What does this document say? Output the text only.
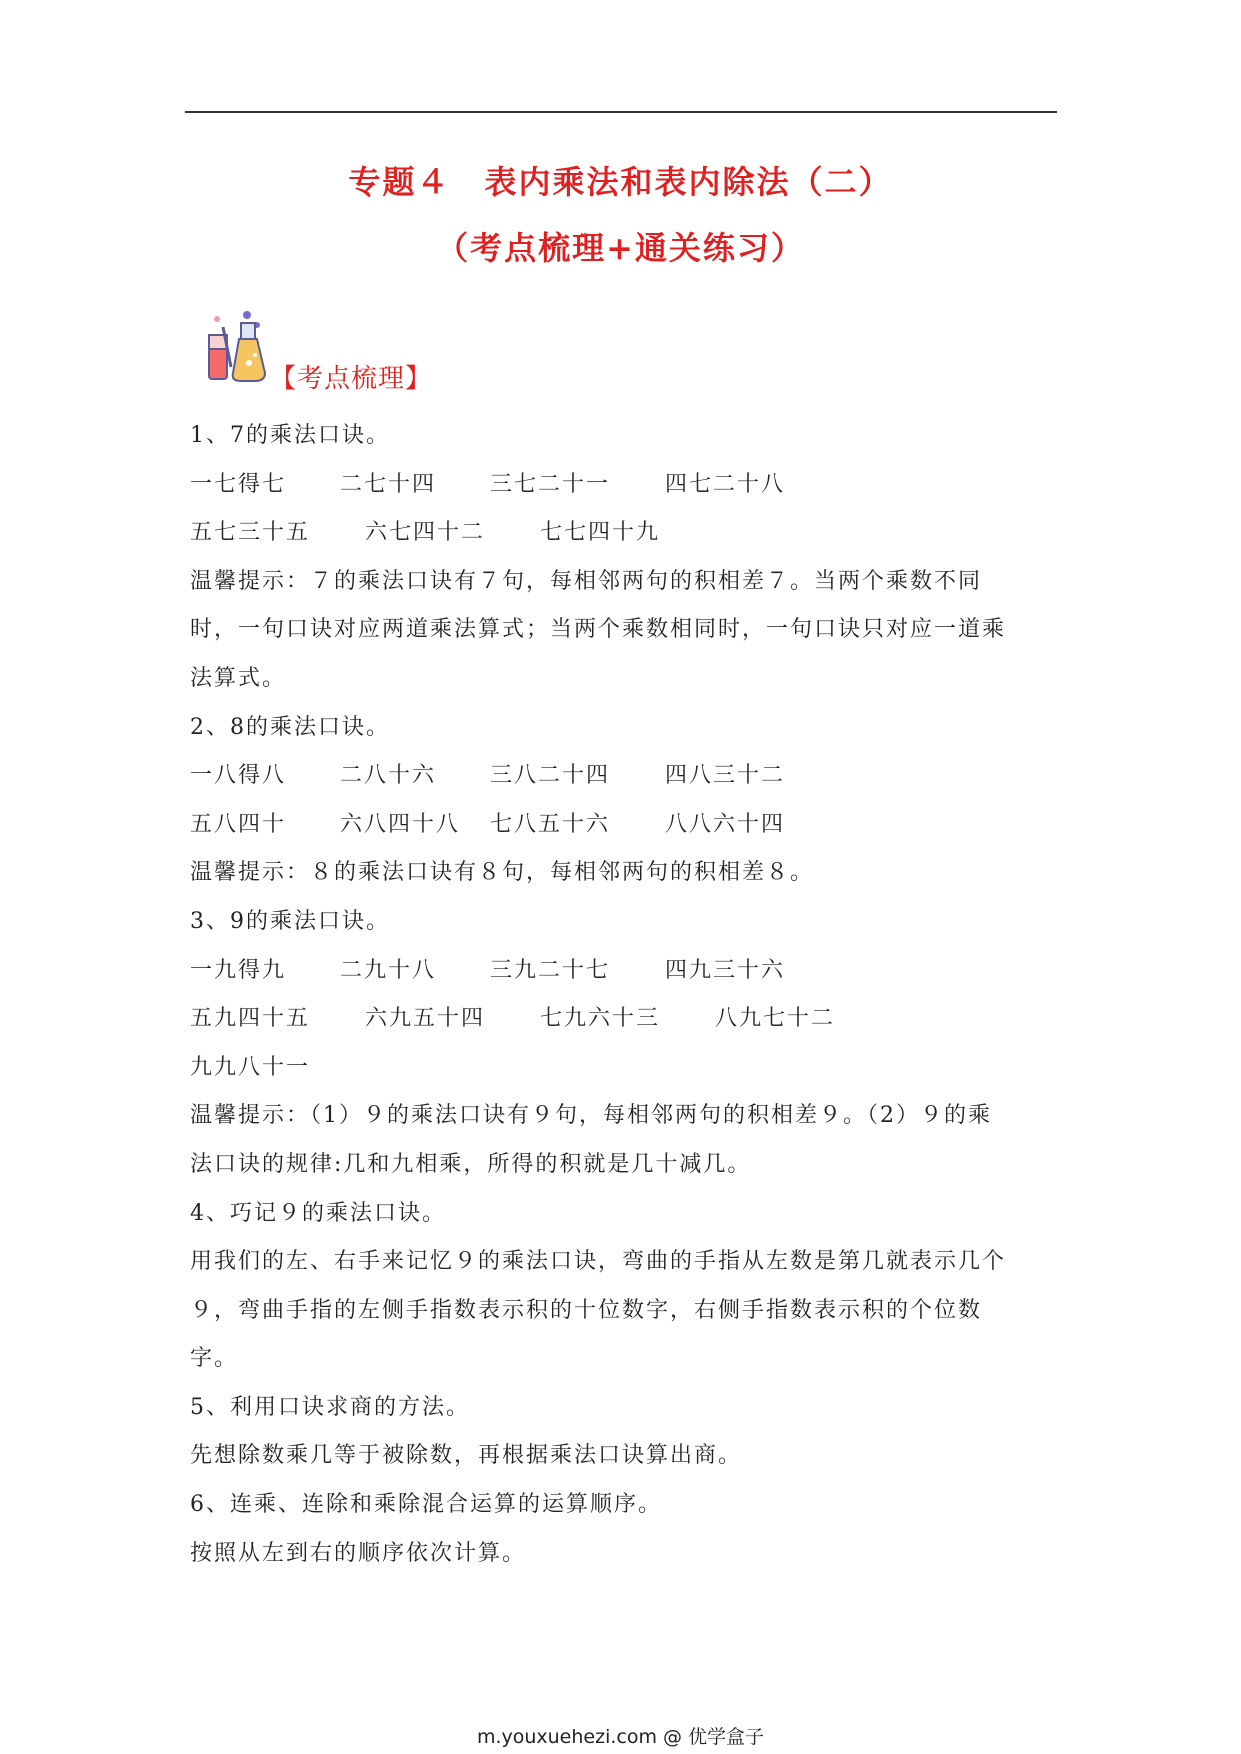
专题４　表内乘法和表内除法（二）
（考点梳理+通关练习）
【考点梳理】
1、7的乘法口诀。
一七得七	二七十四	三七二十一	四七二十八
五七三十五	六七四十二	七七四十九
温馨提示：７的乘法口诀有７句，每相邻两句的积相差７。当两个乘数不同
时，一句口诀对应两道乘法算式；当两个乘数相同时，一句口诀只对应一道乘
法算式。
2、8的乘法口诀。
一八得八	二八十六	三八二十四	四八三十二
五八四十	六八四十八	七八五十六	八八六十四
温馨提示：８的乘法口诀有８句，每相邻两句的积相差８。
3、9的乘法口诀。
一九得九	二九十八	三九二十七	四九三十六
五九四十五	六九五十四	七九六十三	八九七十二
九九八十一
温馨提示：（1）９的乘法口诀有９句，每相邻两句的积相差９。（2）９的乘
法口诀的规律:几和九相乘，所得的积就是几十减几。
4、巧记９的乘法口诀。
用我们的左、右手来记忆９的乘法口诀，弯曲的手指从左数是第几就表示几个
９，弯曲手指的左侧手指数表示积的十位数字，右侧手指数表示积的个位数
字。
5、利用口诀求商的方法。
先想除数乘几等于被除数，再根据乘法口诀算出商。
6、连乘、连除和乘除混合运算的运算顺序。
按照从左到右的顺序依次计算。
m.youxuehezi.com @ 优学盒子
